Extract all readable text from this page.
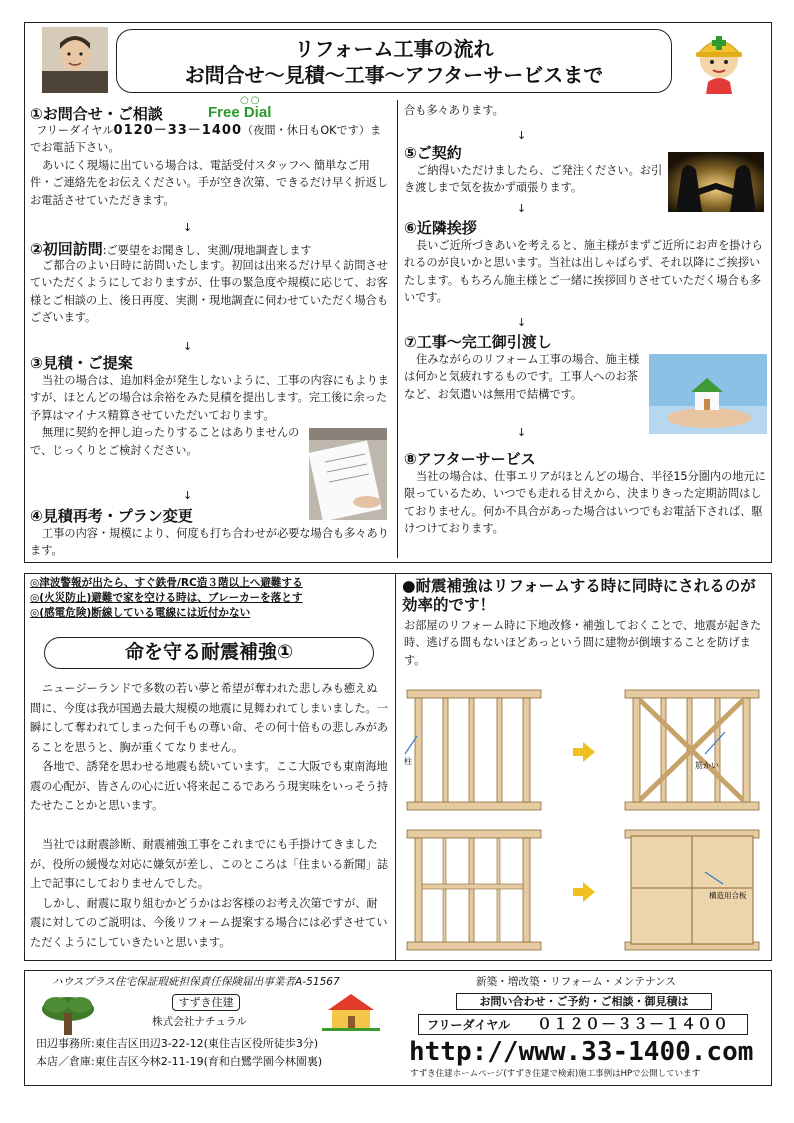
リフォーム工事の流れ
お問合せ～見積～工事～アフターサービスまで
①お問合せ・ご相談
○○
Free Dial

フリーダイヤル0120－33－1400（夜間・休日もOKです）までお電話下さい。

あいにく現場に出ている場合は、電話受付スタッフへ 簡単なご用件・ご連絡先をお伝えください。手が空き次第、できるだけ早く折返しお電話させていただきます。

↓
②初回訪問:ご要望をお聞きし、実測/現地調査します

ご都合のよい日時に訪問いたします。初回は出来るだけ早く訪問させていただくようにしておりますが、仕事の緊急度や規模に応じて、お客様とご相談の上、後日再度、実測・現地調査に伺わせていただく場合もございます。

↓
③見積・ご提案

当社の場合は、追加料金が発生しないように、工事の内容にもよりますが、ほとんどの場合は余裕をみた見積を提出します。完工後に余った予算はマイナス精算させていただいております。

無理に契約を押し迫ったりすることはありませんので、じっくりとご検討ください。

↓
④見積再考・プラン変更

工事の内容・規模により、何度も打ち合わせが必要な場合も多々あります。

合も多々あります。

↓
⑤ご契約

ご納得いただけましたら、ご発注ください。お引き渡しまで気を抜かず頑張ります。

↓
⑥近隣挨拶

長いご近所づきあいを考えると、施主様がまずご近所にお声を掛けられるのが良いかと思います。当社は出しゃばらず、それ以降にご挨拶いたします。もちろん施主様とご一緒に挨拶回りさせていただく場合も多いです。

↓
⑦工事～完工御引渡し

住みながらのリフォーム工事の場合、施主様は何かと気疲れするものです。工事人へのお茶など、お気遣いは無用で結構です。

↓
⑧アフターサービス

当社の場合は、仕事エリアがほとんどの場合、半径15分圏内の地元に限っているため、いつでも走れる甘えから、決まりきった定期訪問はしておりません。何か不具合があった場合はいつでもお電話下されば、駆けつけております。

◎津波警報が出たら、すぐ鉄骨/RC造３階以上へ避難する

◎(火災防止)避難で家を空ける時は、ブレーカーを落とす

◎(感電危険)断線している電線には近付かない

命を守る耐震補強①

ニュージーランドで多数の若い夢と希望が奪われた悲しみも癒えぬ間に、今度は我が国過去最大規模の地震に見舞われてしまいました。一瞬にして奪われてしまった何千もの尊い命、その何十倍もの悲しみがあることを思うと、胸が重くてなりません。

各地で、誘発を思わせる地震も続いています。ここ大阪でも東南海地震の心配が、皆さんの心に近い将来起こるであろう現実味をいっそう持たせたことかと思います。

当社では耐震診断、耐震補強工事をこれまでにも手掛けてきましたが、役所の緩慢な対応に嫌気が差し、このところは「住まいる新聞」誌上で記事にしておりませんでした。

しかし、耐震に取り組むかどうかはお客様のお考え次第ですが、耐震に対してのご説明は、今後リフォーム提案する場合には必ずさせていただくようにしていきたいと思います。

●耐震補強はリフォームする時に同時にされるのが効率的です！

お部屋のリフォーム時に下地改修・補強しておくことで、地震が起きた時、逃げる間もないほどあっという間に建物が倒壊することを防げます。

柱	筋かい
構造用合板
ハウスプラス住宅保証瑕疵担保責任保険届出事業者A-51567
すずき住建
株式会社ナチュラル
田辺事務所:東住吉区田辺3-22-12(東住吉区役所徒歩3分)
本店／倉庫:東住吉区今林2-11-19(育和白鷺学園今林園裏)
新築・増改築・リフォーム・メンテナンス
お問い合わせ・ご予約・ご相談・御見積は
フリーダイヤル ０１２０－３３－１４００
http://www.33-1400.com
すずき住建ホームページ(すずき住建で検索)施工事例はHPで公開しています
